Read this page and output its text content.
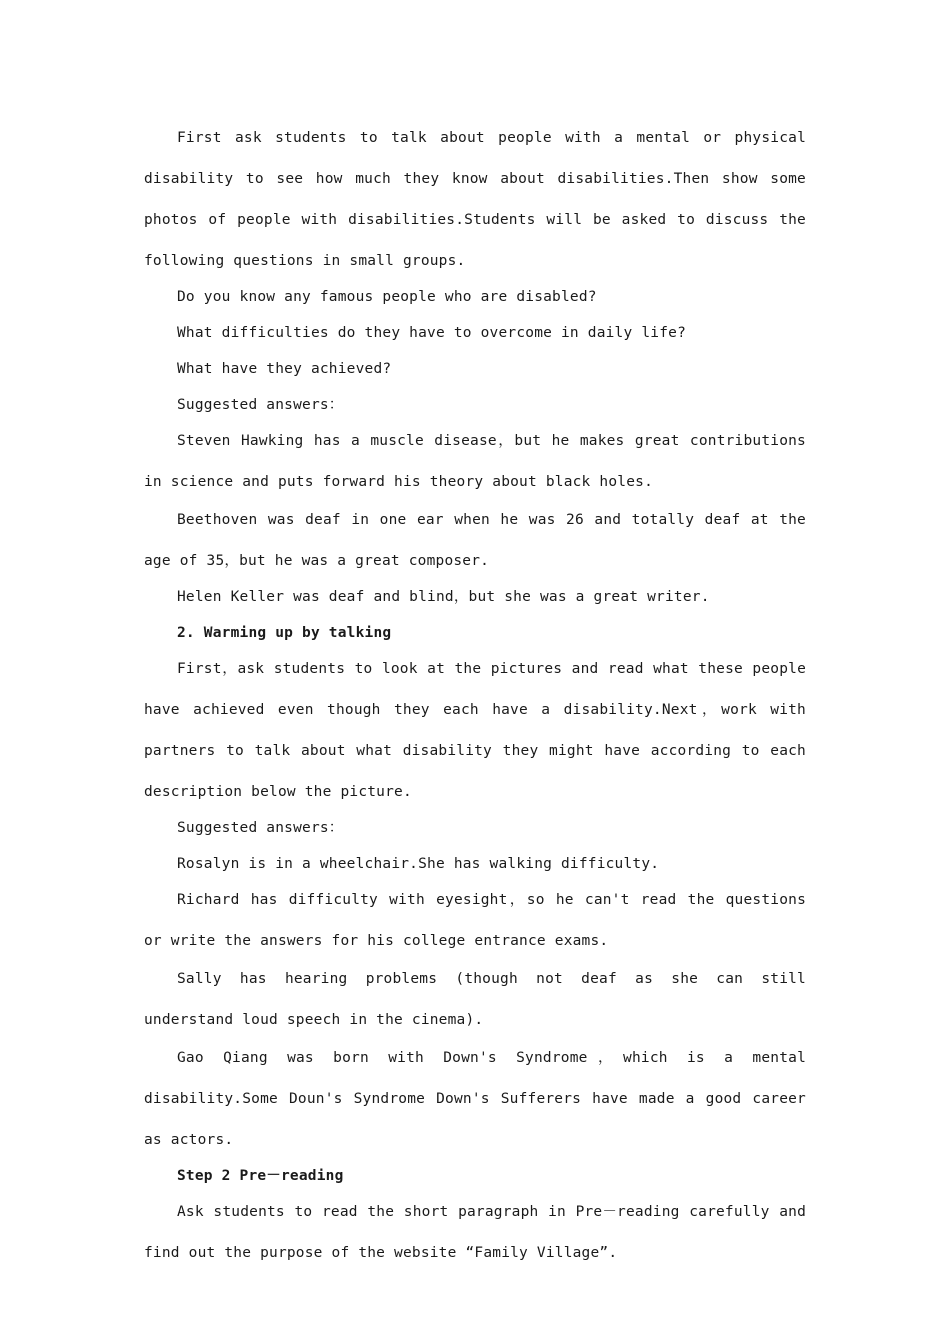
First ask students to talk about people with a mental or physical disability to see how much they know about disabilities.Then show some photos of people with disabilities.Students will be asked to discuss the following questions in small groups.

Do you know any famous people who are disabled?

What difficulties do they have to overcome in daily life?

What have they achieved?

Suggested answers：

Steven Hawking has a muscle disease，but he makes great contributions in science and puts forward his theory about black holes.

Beethoven was deaf in one ear when he was 26 and totally deaf at the age of 35，but he was a great composer.

Helen Keller was deaf and blind，but she was a great writer.

2. Warming up by talking

First，ask students to look at the pictures and read what these people have achieved even though they each have a disability.Next，work with partners to talk about what disability they might have according to each description below the picture.

Suggested answers：

Rosalyn is in a wheelchair.She has walking difficulty.

Richard has difficulty with eyesight，so he can't read the questions or write the answers for his college entrance exams.

Sally has hearing problems (though not deaf as she can still understand loud speech in the cinema).

Gao Qiang was born with Down's Syndrome，which is a mental disability.Some Doun's Syndrome Down's Sufferers have made a good career as actors.

Step 2 Pre－reading

Ask students to read the short paragraph in Pre－reading carefully and find out the purpose of the website “Family Village”.
